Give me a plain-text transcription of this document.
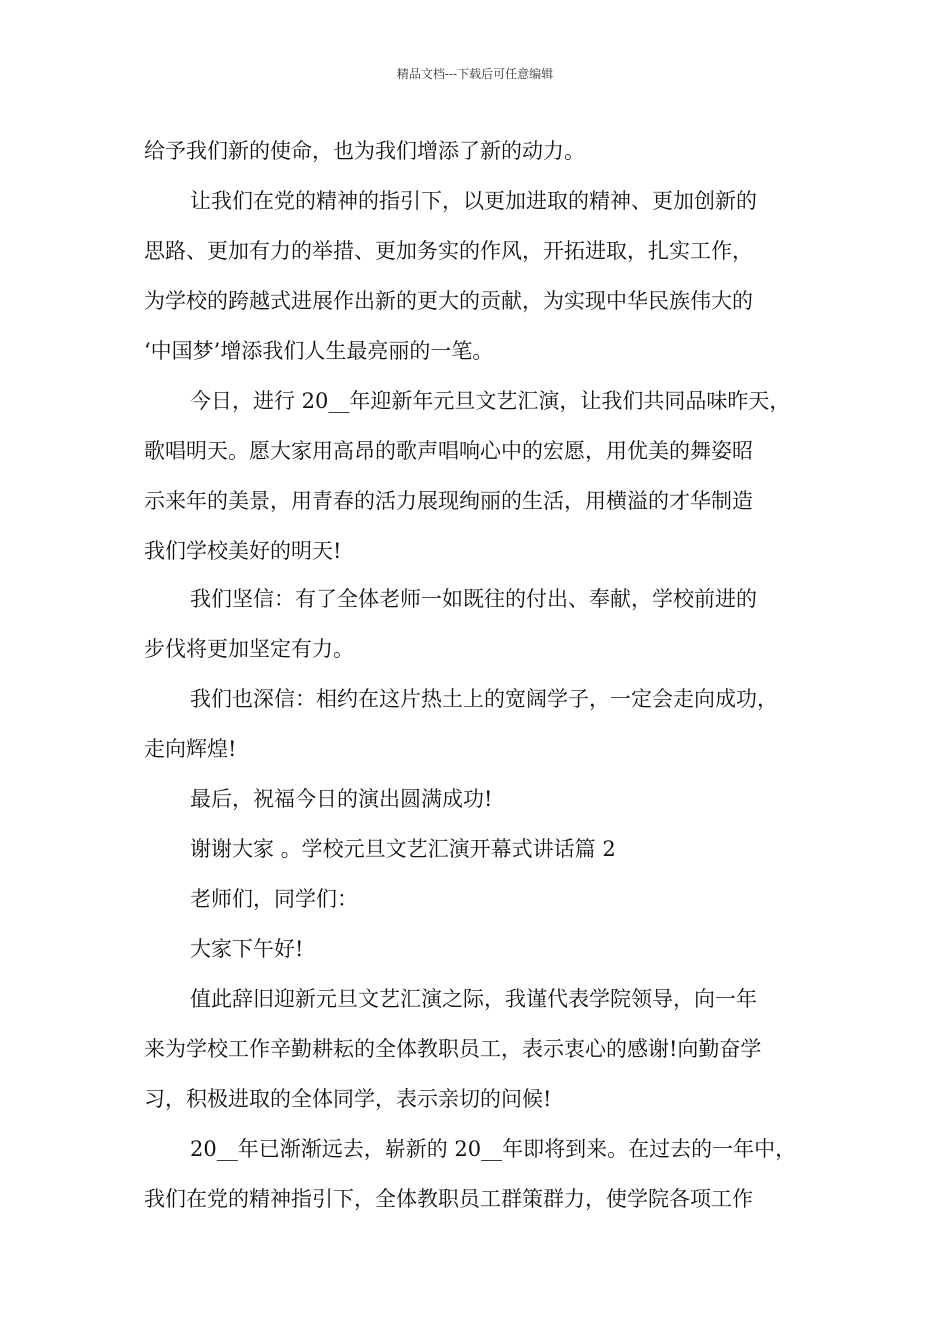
精品文档---下载后可任意编辑
给予我们新的使命，也为我们增添了新的动力。
让我们在党的精神的指引下，以更加进取的精神、更加创新的
思路、更加有力的举措、更加务实的作风，开拓进取，扎实工作，
为学校的跨越式进展作出新的更大的贡献，为实现中华民族伟大的
‘中国梦’增添我们人生最亮丽的一笔。
今日，进行 20__年迎新年元旦文艺汇演，让我们共同品味昨天，
歌唱明天。愿大家用高昂的歌声唱响心中的宏愿，用优美的舞姿昭
示来年的美景，用青春的活力展现绚丽的生活，用横溢的才华制造
我们学校美好的明天!
我们坚信：有了全体老师一如既往的付出、奉献，学校前进的
步伐将更加坚定有力。
我们也深信：相约在这片热土上的宽阔学子，一定会走向成功，
走向辉煌!
最后，祝福今日的演出圆满成功!
谢谢大家 。学校元旦文艺汇演开幕式讲话篇 2
老师们，同学们：
大家下午好!
值此辞旧迎新元旦文艺汇演之际，我谨代表学院领导，向一年
来为学校工作辛勤耕耘的全体教职员工，表示衷心的感谢!向勤奋学
习，积极进取的全体同学，表示亲切的问候!
20__年已渐渐远去，崭新的 20__年即将到来。在过去的一年中，
我们在党的精神指引下，全体教职员工群策群力，使学院各项工作
